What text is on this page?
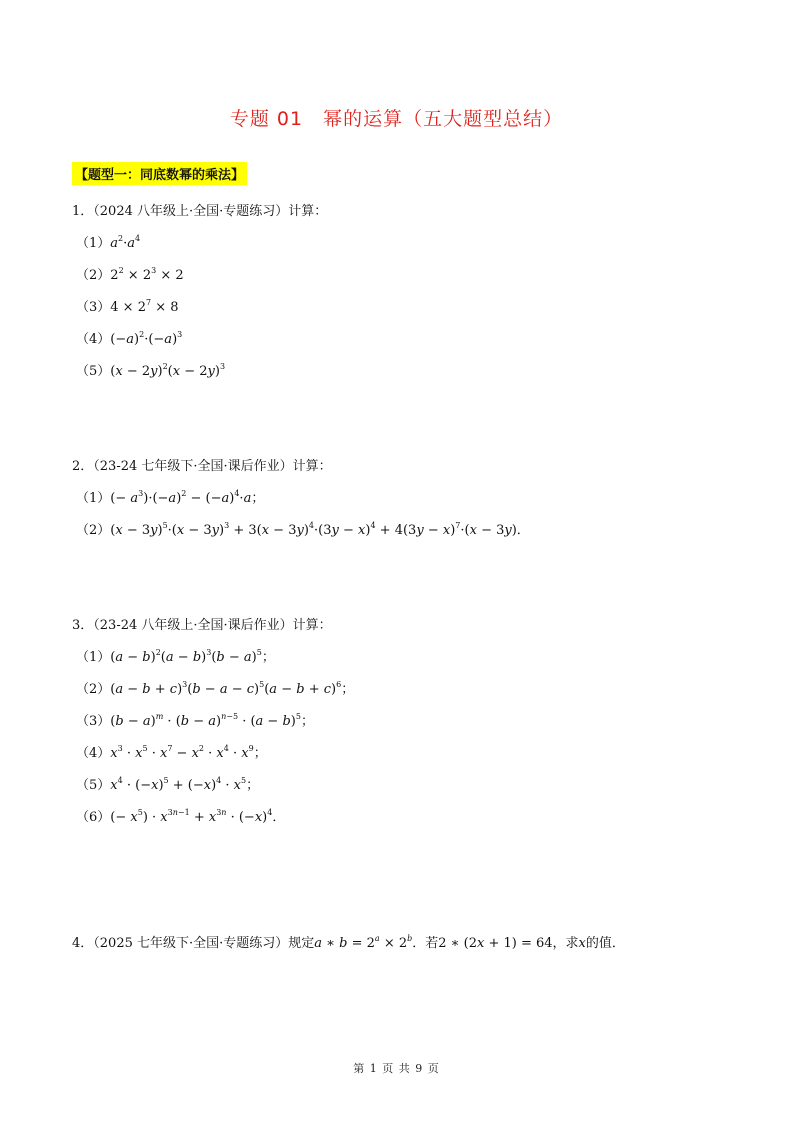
专题 01　幂的运算（五大题型总结）
【题型一：同底数幂的乘法】
1．（2024 八年级上·全国·专题练习）计算：
$(1)a^2\cdot a^4$
$(2)2^2 \times 2^3 \times 2$
$(3)4 \times 2^7 \times 8$
$(4)(-a)^2\cdot(-a)^3$
$(5)(x - 2y)^2(x - 2y)^3$
2．（23-24 七年级下·全国·课后作业）计算：
$(1)(- a^3)\cdot(-a)^2 - (-a)^4\cdot a$；
$(2)(x - 3y)^5\cdot(x - 3y)^3 + 3(x - 3y)^4\cdot(3y - x)^4 + 4(3y - x)^7\cdot(x - 3y)$．
3．（23-24 八年级上·全国·课后作业）计算：
$(1)(a - b)^2(a - b)^3(b - a)^5$；
$(2)(a - b + c)^3(b - a - c)^5(a - b + c)^6$；
$(3)(b - a)^m \cdot (b - a)^{n-5} \cdot (a - b)^5$；
$(4)x^3 \cdot x^5 \cdot x^7 - x^2 \cdot x^4 \cdot x^9$；
$(5)x^4 \cdot (-x)^5 + (-x)^4 \cdot x^5$；
$(6)(- x^5) \cdot x^{3n-1} + x^{3n} \cdot (-x)^4$．
4．（2025 七年级下·全国·专题练习）规定a ∗ $b = 2^a \times 2^b$．若2 ∗ (2x + 1) = 64，求x的值．
第 1 页 共 9 页
